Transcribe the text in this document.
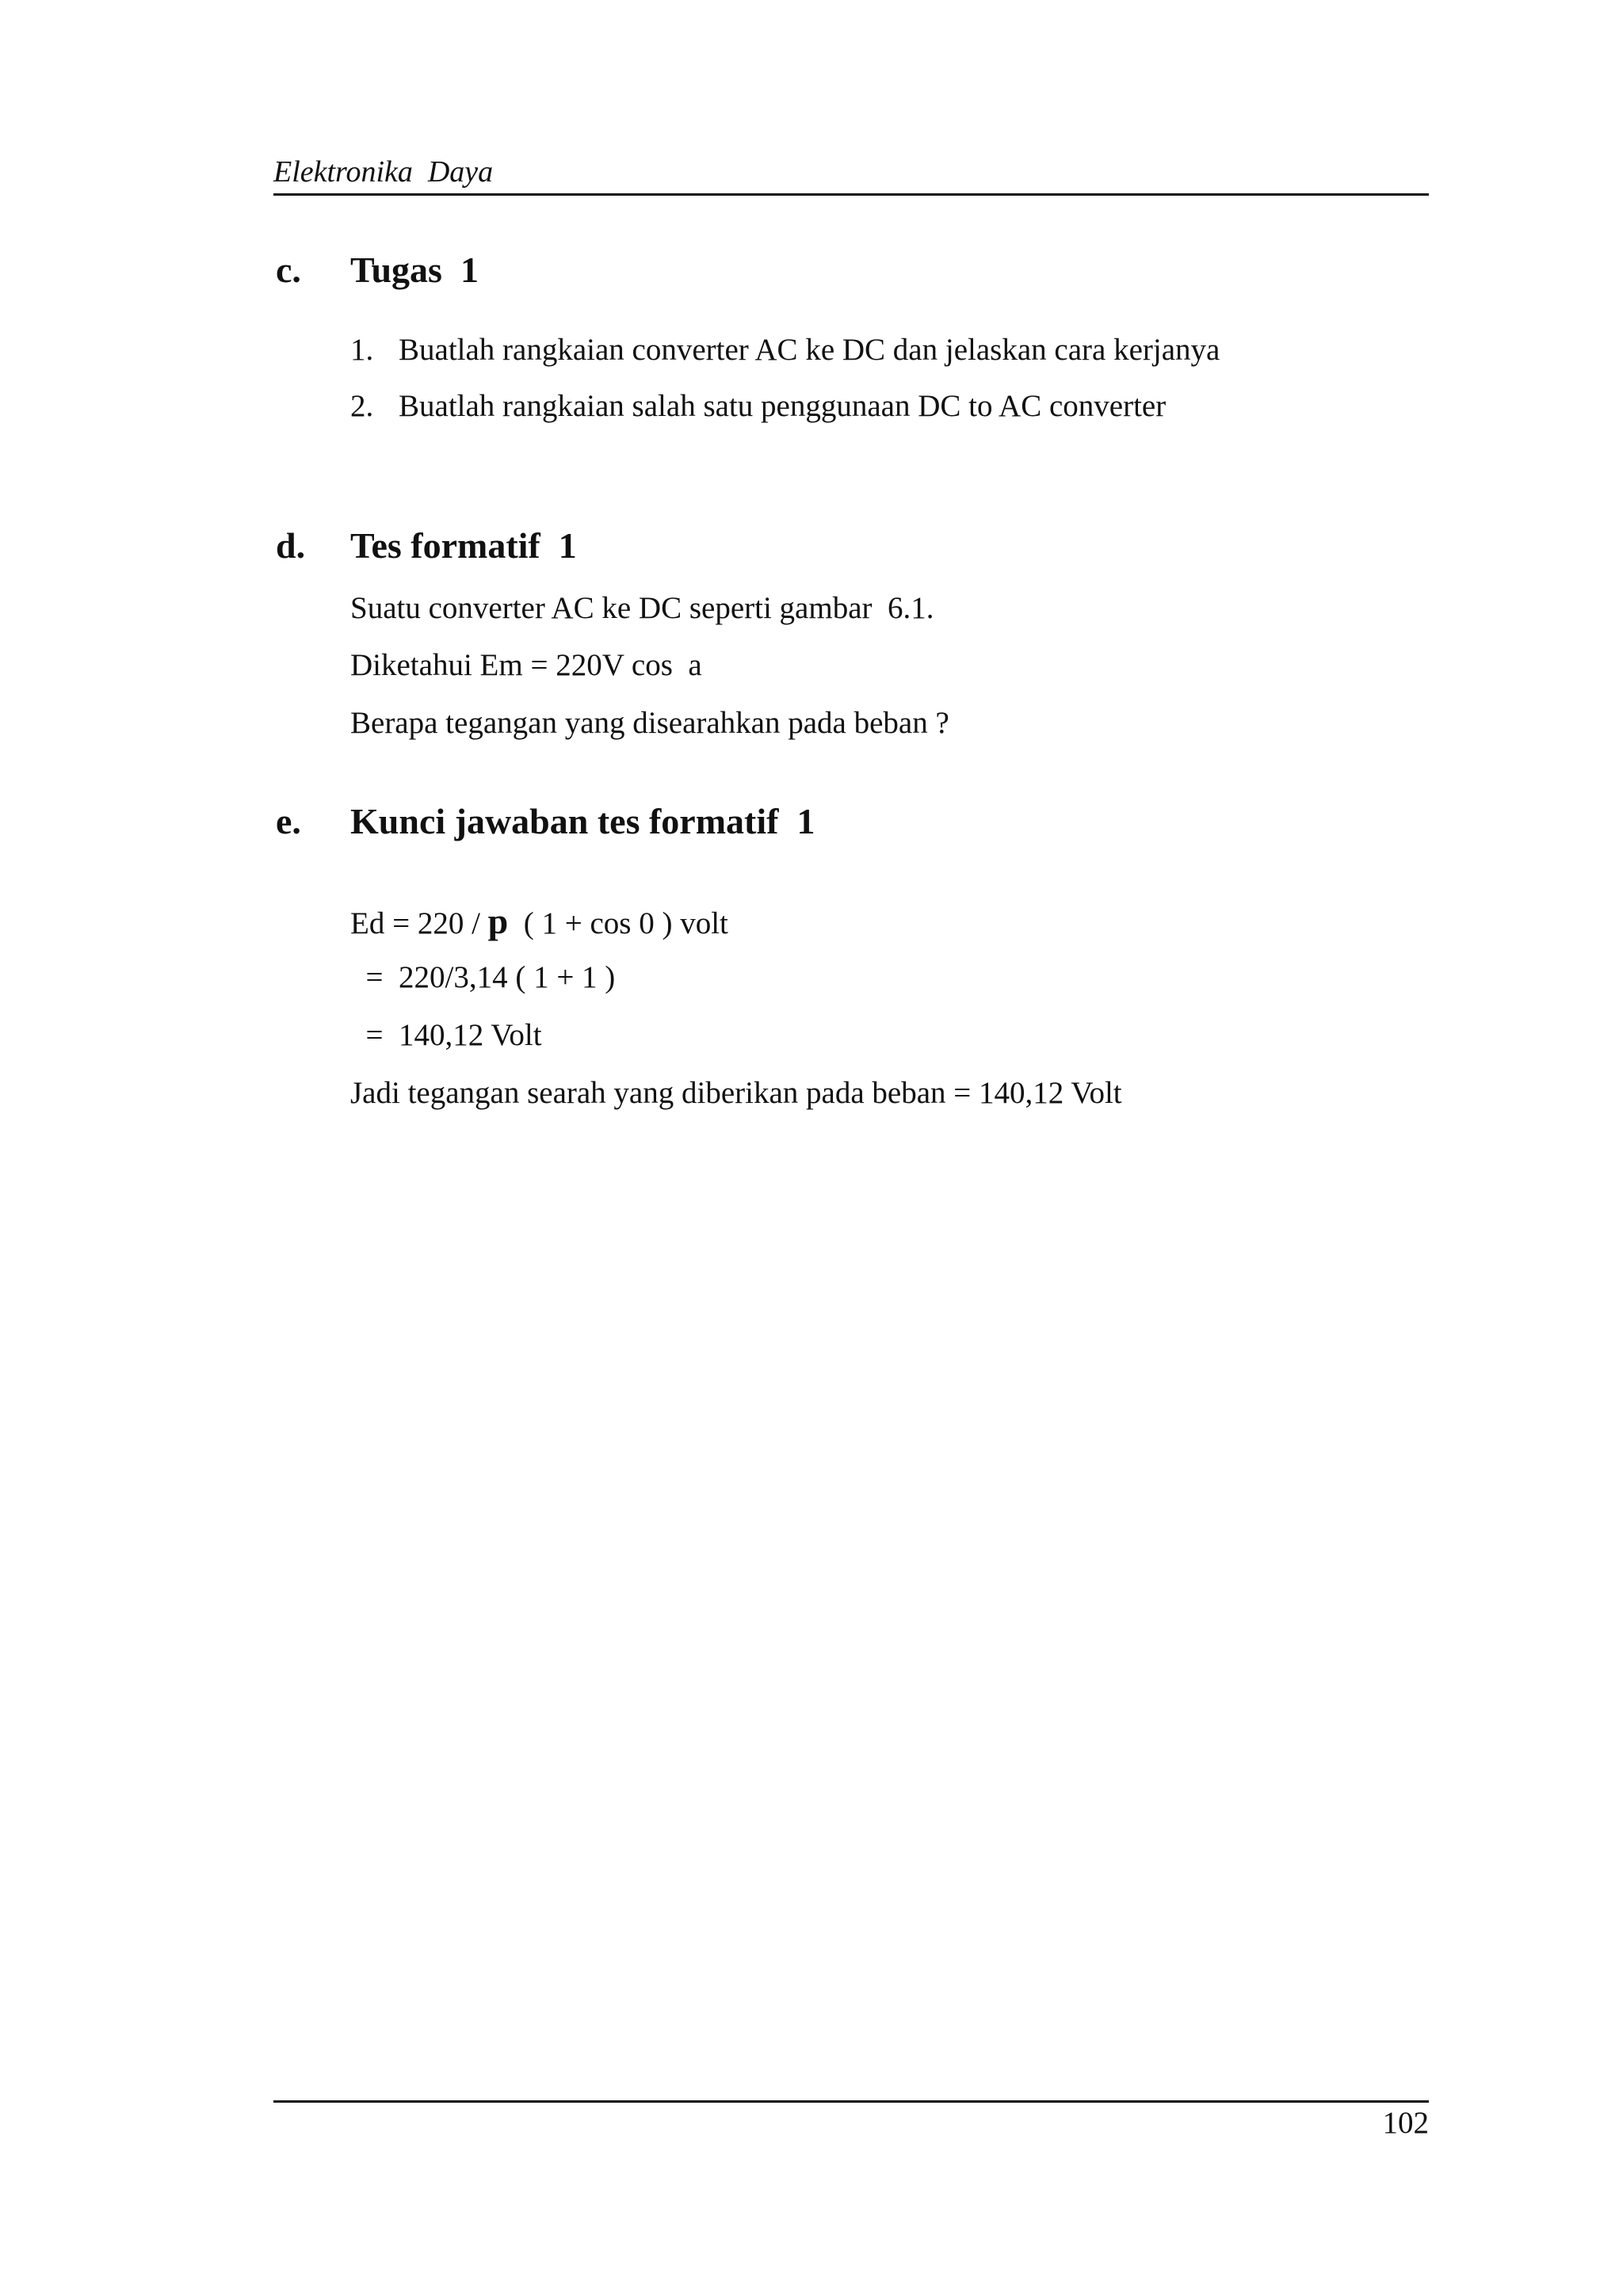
Elektronika  Daya
c. Tugas  1
1. Buatlah rangkaian converter AC ke DC dan jelaskan cara kerjanya
2. Buatlah rangkaian salah satu penggunaan DC to AC converter
d. Tes formatif  1
Suatu converter AC ke DC seperti gambar  6.1.
Diketahui Em = 220V cos  a
Berapa tegangan yang disearahkan pada beban ?
e. Kunci jawaban tes formatif  1
Ed = 220 / p  ( 1 + cos 0 ) volt
=  220/3,14 ( 1 + 1 )
=  140,12 Volt
Jadi tegangan searah yang diberikan pada beban = 140,12 Volt
102
